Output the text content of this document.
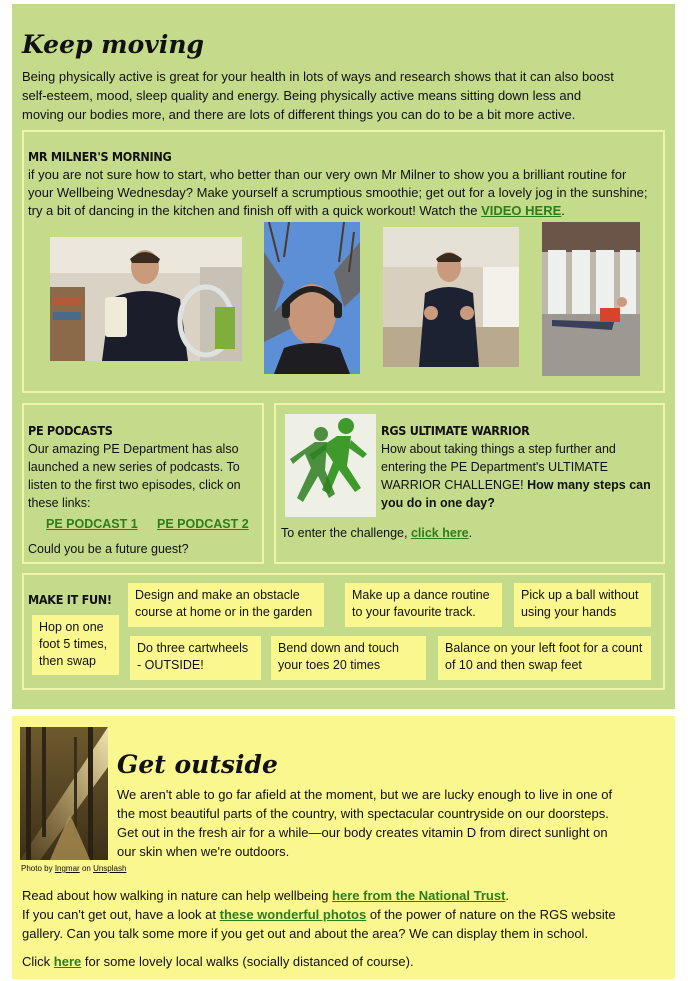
Keep moving
Being physically active is great for your health in lots of ways and research shows that it can also boost
self-esteem, mood, sleep quality and energy. Being physically active means sitting down less and
moving our bodies more, and there are lots of different things you can do to be a bit more active.
MR MILNER'S MORNING
if you are not sure how to start, who better than our very own Mr Milner to show you a brilliant routine for
your Wellbeing Wednesday? Make yourself a scrumptious smoothie; get out for a lovely jog in the sunshine;
try a bit of dancing in the kitchen and finish off with a quick workout! Watch the VIDEO HERE.
PE PODCASTS
Our amazing PE Department has also
launched a new series of podcasts. To
listen to the first two episodes, click on
these links:
PE PODCAST 1 PE PODCAST 2
Could you be a future guest?
RGS ULTIMATE WARRIOR
How about taking things a step further and
entering the PE Department's ULTIMATE
WARRIOR CHALLENGE! How many steps can
you do in one day?
To enter the challenge, click here.
MAKE IT FUN!
Hop on one foot 5 times, then swap
Design and make an obstacle course at home or in the garden
Make up a dance routine to your favourite track.
Pick up a ball without using your hands
Do three cartwheels - OUTSIDE!
Bend down and touch your toes 20 times
Balance on your left foot for a count of 10 and then swap feet
Photo by Ingmar on Unsplash
Get outside
We aren't able to go far afield at the moment, but we are lucky enough to live in one of
the most beautiful parts of the country, with spectacular countryside on our doorsteps.
Get out in the fresh air for a while—our body creates vitamin D from direct sunlight on
our skin when we're outdoors.
Read about how walking in nature can help wellbeing here from the National Trust.
If you can't get out, have a look at these wonderful photos of the power of nature on the RGS website
gallery. Can you talk some more if you get out and about the area? We can display them in school.
Click here for some lovely local walks (socially distanced of course).
